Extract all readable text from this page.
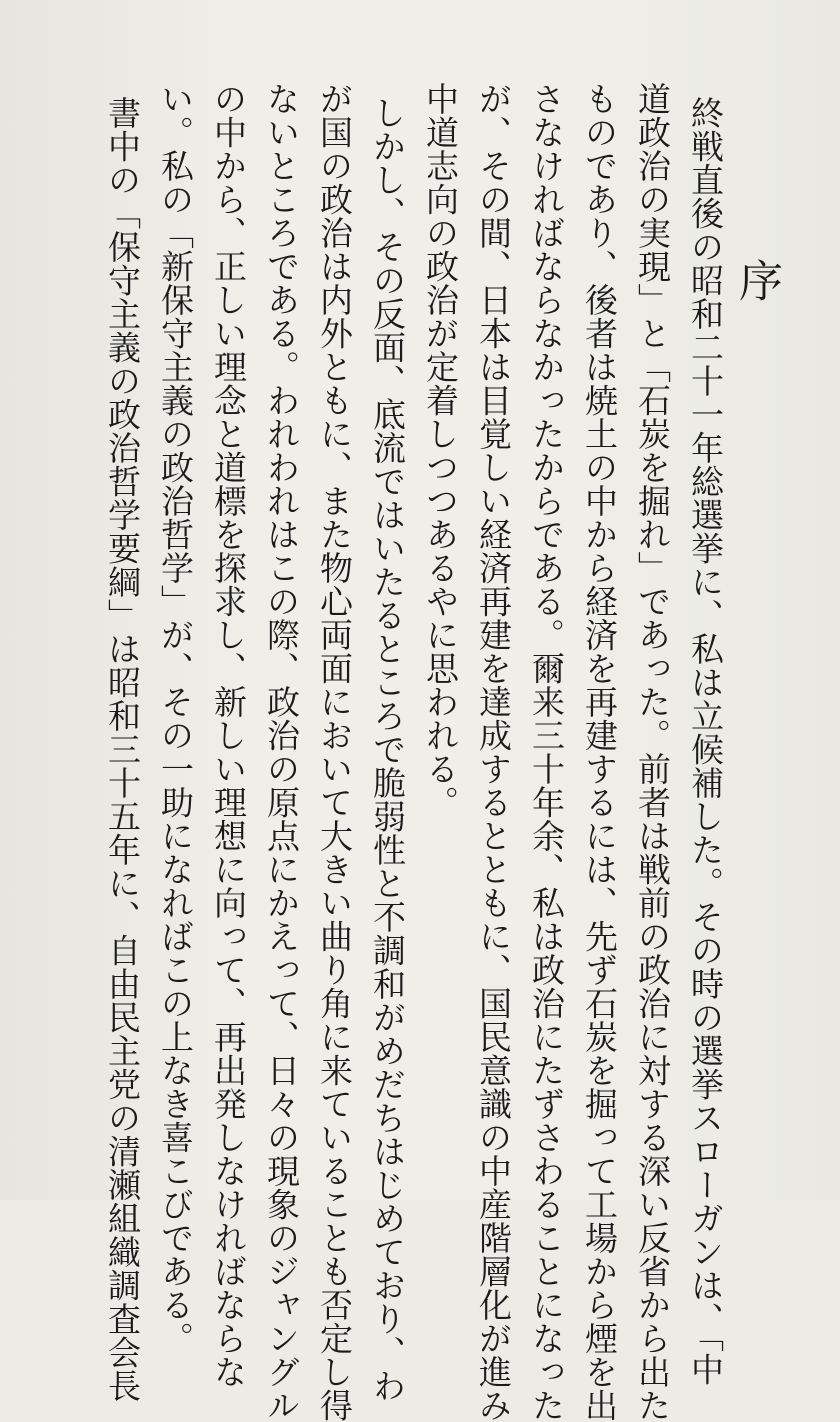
序
終戦直後の昭和二十一年総選挙に、私は立候補した。その時の選挙スローガンは、「中
道政治の実現」と「石炭を掘れ」であった。前者は戦前の政治に対する深い反省から出た
ものであり、後者は焼土の中から経済を再建するには、先ず石炭を掘って工場から煙を出
さなければならなかったからである。爾来三十年余、私は政治にたずさわることになった
が、その間、日本は目覚しい経済再建を達成するとともに、国民意識の中産階層化が進み
中道志向の政治が定着しつつあるやに思われる。
しかし、その反面、底流ではいたるところで脆弱性と不調和がめだちはじめており、わ
が国の政治は内外ともに、また物心両面において大きい曲り角に来ていることも否定し得
ないところである。われわれはこの際、政治の原点にかえって、日々の現象のジャングル
の中から、正しい理念と道標を探求し、新しい理想に向って、再出発しなければならな
い。私の「新保守主義の政治哲学」が、その一助になればこの上なき喜こびである。
書中の「保守主義の政治哲学要綱」は昭和三十五年に、自由民主党の清瀬組織調査会長
